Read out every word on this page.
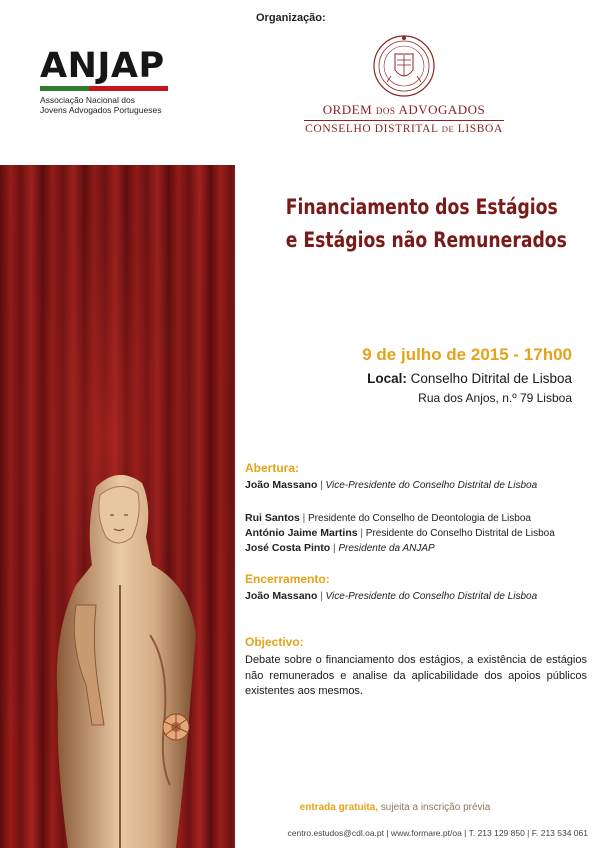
Organização:
ANJAP
Associação Nacional dos
Jovens Advogados Portugueses	ORDEM DOS ADVOGADOS
CONSELHO DISTRITAL DE LISBOA
Financiamento dos Estágios
e Estágios não Remunerados
9 de julho de 2015 - 17h00
Local: Conselho Ditrital de Lisboa
Rua dos Anjos, n.º 79 Lisboa
Abertura:
João Massano | Vice-Presidente do Conselho Distrital de Lisboa
Rui Santos | Presidente do Conselho de Deontologia de Lisboa
António Jaime Martins | Presidente do Conselho Distrital de Lisboa
José Costa Pinto | Presidente da ANJAP
Encerramento:
João Massano | Vice-Presidente do Conselho Distrital de Lisboa
Objectivo:
Debate sobre o financiamento dos estágios, a existência de estágios não remunerados e analise da aplicabilidade dos apoios públicos existentes aos mesmos.
entrada gratuita, sujeita a inscrição prévia
centro.estudos@cdl.oa.pt | www.formare.pt/oa | T. 213 129 850 | F. 213 534 061
